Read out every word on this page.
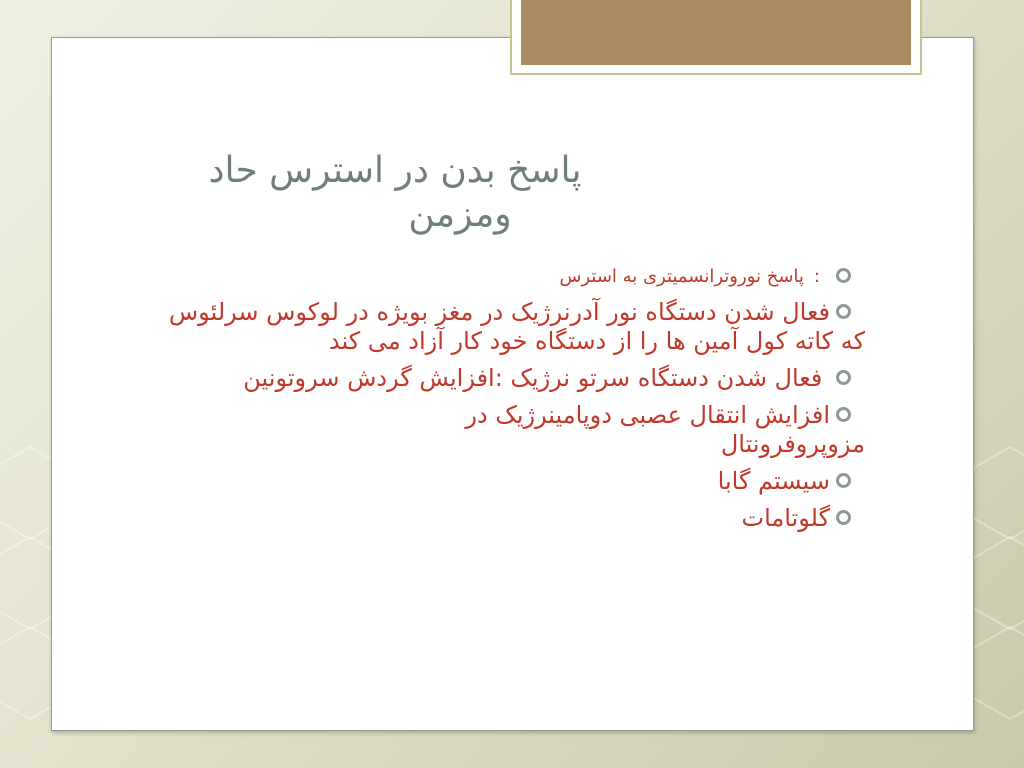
پاسخ بدن در استرس حاد
ومزمن
:پاسخ نوروترانسمیتری به استرس
فعال شدن دستگاه نور آدرنرژیک در مغز بویژه در لوکوس سرلئوس که کاته کول آمین ها را از دستگاه خود کار آزاد می کند
فعال شدن دستگاه سرتو نرژیک :افزایش گردش سروتونین
افزایش انتقال عصبی دوپامینرژیک در مزوپروفرونتال
سیستم گابا
گلوتامات
